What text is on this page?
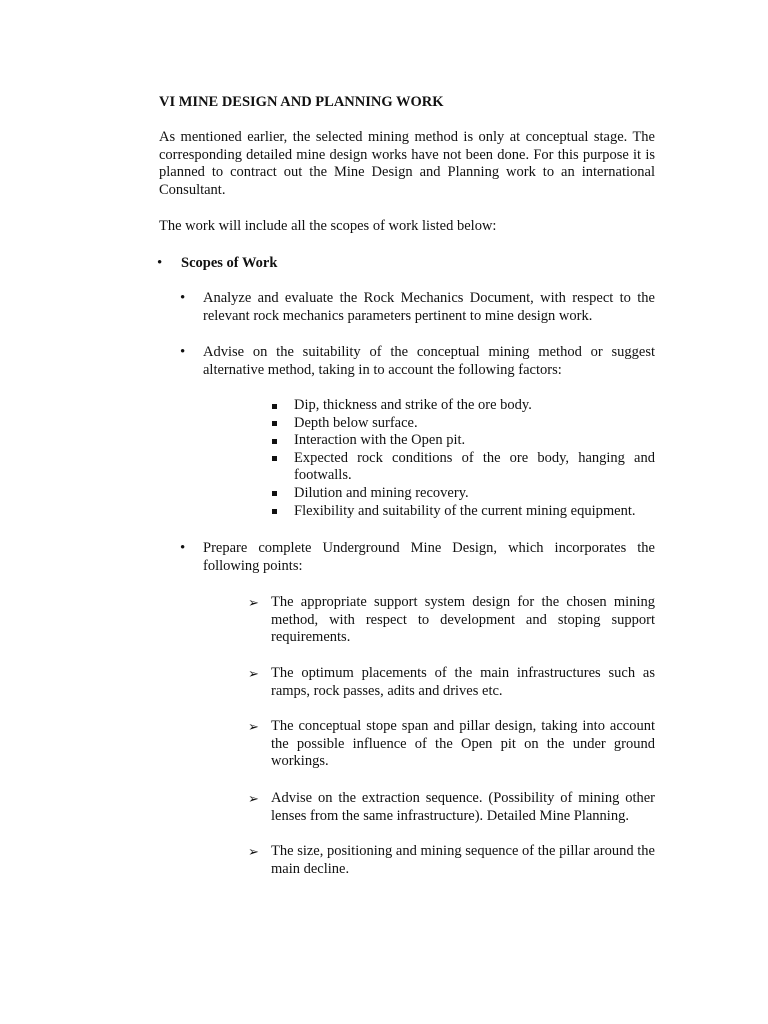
VI MINE DESIGN AND PLANNING WORK

As mentioned earlier, the selected mining method is only at conceptual stage. The corresponding detailed mine design works have not been done. For this purpose it is planned to contract out the Mine Design and Planning work to an international Consultant.

The work will include all the scopes of work listed below:

• Scopes of Work

• Analyze and evaluate the Rock Mechanics Document, with respect to the relevant rock mechanics parameters pertinent to mine design work.

• Advise on the suitability of the conceptual mining method or suggest alternative method, taking in to account the following factors:

Dip, thickness and strike of the ore body.
Depth below surface.
Interaction with the Open pit.
Expected rock conditions of the ore body, hanging and footwalls.
Dilution and mining recovery.
Flexibility and suitability of the current mining equipment.
• Prepare complete Underground Mine Design, which incorporates the following points:

➢ The appropriate support system design for the chosen mining method, with respect to development and stoping support requirements.

➢ The optimum placements of the main infrastructures such as ramps, rock passes, adits and drives etc.

➢ The conceptual stope span and pillar design, taking into account the possible influence of the Open pit on the under ground workings.

➢ Advise on the extraction sequence. (Possibility of mining other lenses from the same infrastructure). Detailed Mine Planning.

➢ The size, positioning and mining sequence of the pillar around the main decline.
